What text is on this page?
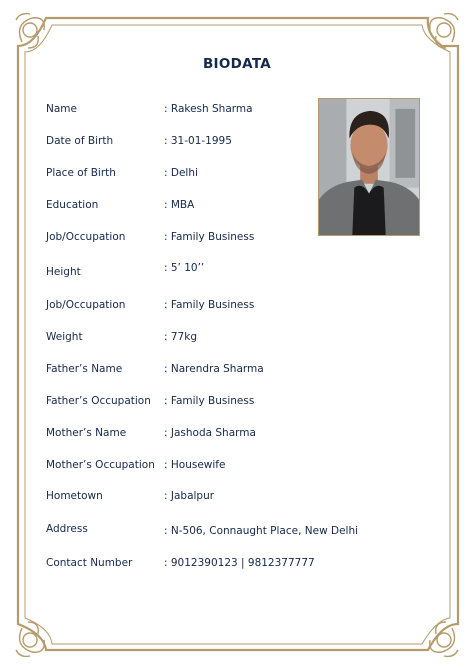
BIODATA
Name	: Rakesh Sharma
Date of Birth	: 31-01-1995
Place of Birth	: Delhi
Education	: MBA
Job/Occupation	: Family Business
Height	: 5’ 10’’
Job/Occupation	: Family Business
Weight	: 77kg
Father’s Name	: Narendra Sharma
Father’s Occupation : Family Business
Mother’s Name	: Jashoda Sharma
Mother’s Occupation : Housewife
Hometown	: Jabalpur
Address	: N-506, Connaught Place, New Delhi
Contact Number	: 9012390123 | 9812377777
